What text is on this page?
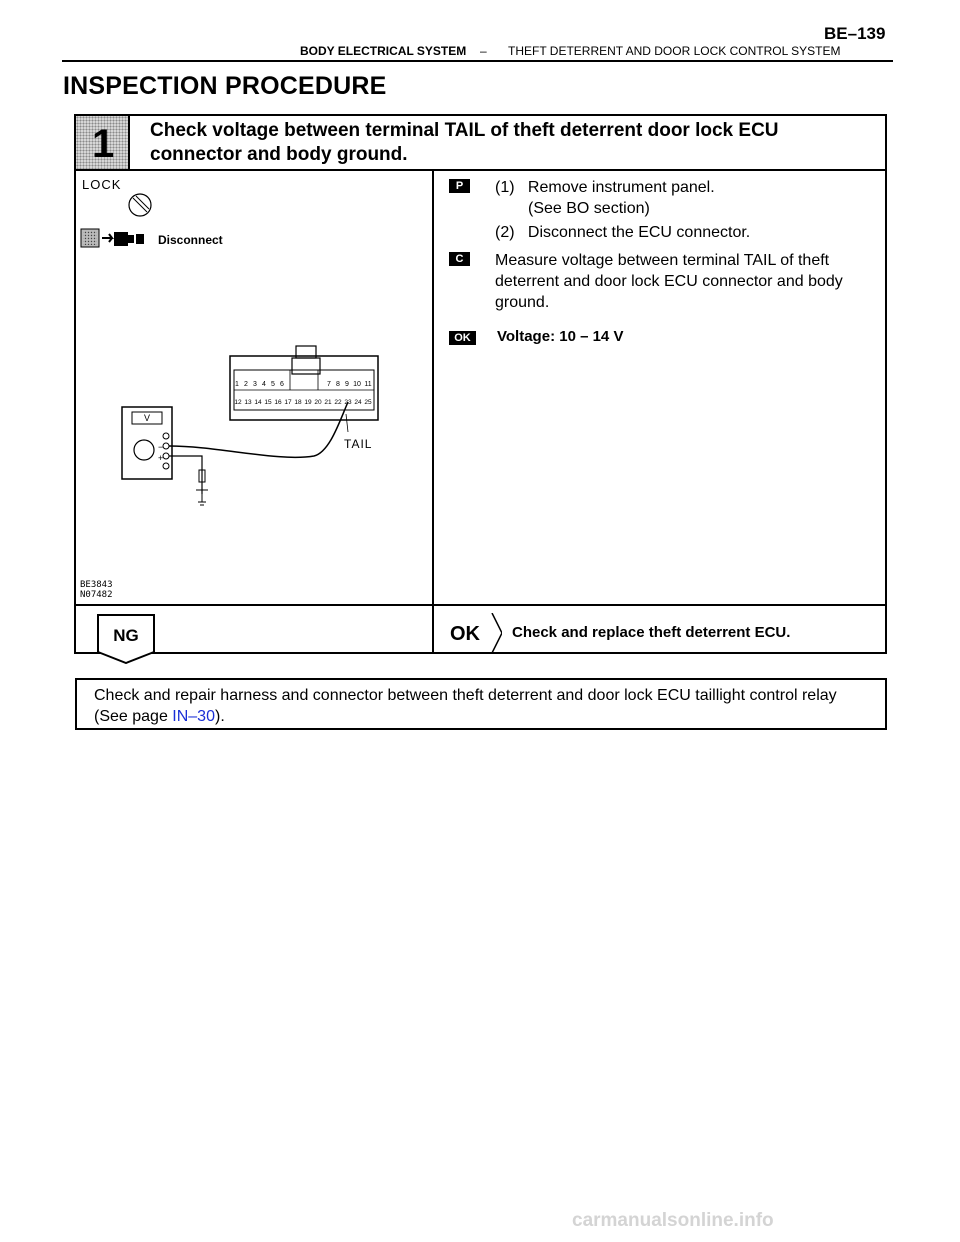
BE–139
BODY ELECTRICAL SYSTEM – THEFT DETERRENT AND DOOR LOCK CONTROL SYSTEM
INSPECTION PROCEDURE
1 Check voltage between terminal TAIL of theft deterrent door lock ECU connector and body ground.
LOCK
Disconnect
1 2 3 4 5 6	7 8 9 10 11
12 13 14 15 16 17 18 19 20 21 22 23 24 25
−
+
V
TAIL
BE3843
N07482
P	(1) Remove instrument panel.
(See BO section)
(2) Disconnect the ECU connector.
C	Measure voltage between terminal TAIL of theft deterrent and door lock ECU connector and body ground.
OK	Voltage: 10 – 14 V
NG	OK Check and replace theft deterrent ECU.
Check and repair harness and connector between theft deterrent and door lock ECU taillight control relay (See page IN–30).
carmanualsonline.info
